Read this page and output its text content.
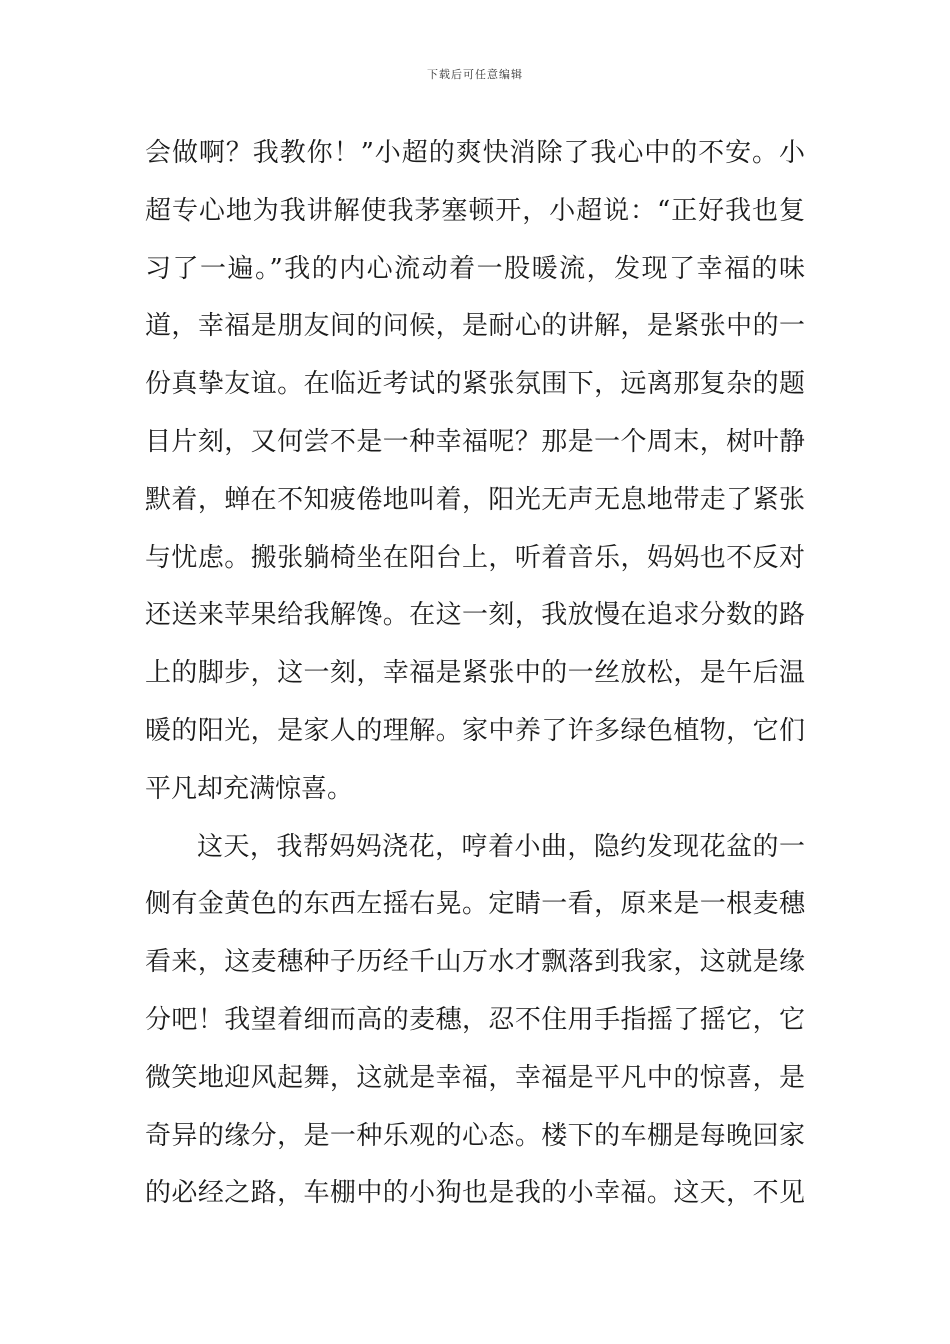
下载后可任意编辑
会做啊？我教你！”小超的爽快消除了我心中的不安。小
超专心地为我讲解使我茅塞顿开，小超说：“正好我也复
习了一遍。”我的内心流动着一股暖流，发现了幸福的味
道，幸福是朋友间的问候，是耐心的讲解，是紧张中的一
份真挚友谊。在临近考试的紧张氛围下，远离那复杂的题
目片刻，又何尝不是一种幸福呢？那是一个周末，树叶静
默着，蝉在不知疲倦地叫着，阳光无声无息地带走了紧张
与忧虑。搬张躺椅坐在阳台上，听着音乐，妈妈也不反对
还送来苹果给我解馋。在这一刻，我放慢在追求分数的路
上的脚步，这一刻，幸福是紧张中的一丝放松，是午后温
暖的阳光，是家人的理解。家中养了许多绿色植物，它们
平凡却充满惊喜。
这天，我帮妈妈浇花，哼着小曲，隐约发现花盆的一
侧有金黄色的东西左摇右晃。定睛一看，原来是一根麦穗
看来，这麦穗种子历经千山万水才飘落到我家，这就是缘
分吧！我望着细而高的麦穗，忍不住用手指摇了摇它，它
微笑地迎风起舞，这就是幸福，幸福是平凡中的惊喜，是
奇异的缘分，是一种乐观的心态。楼下的车棚是每晚回家
的必经之路，车棚中的小狗也是我的小幸福。这天，不见
